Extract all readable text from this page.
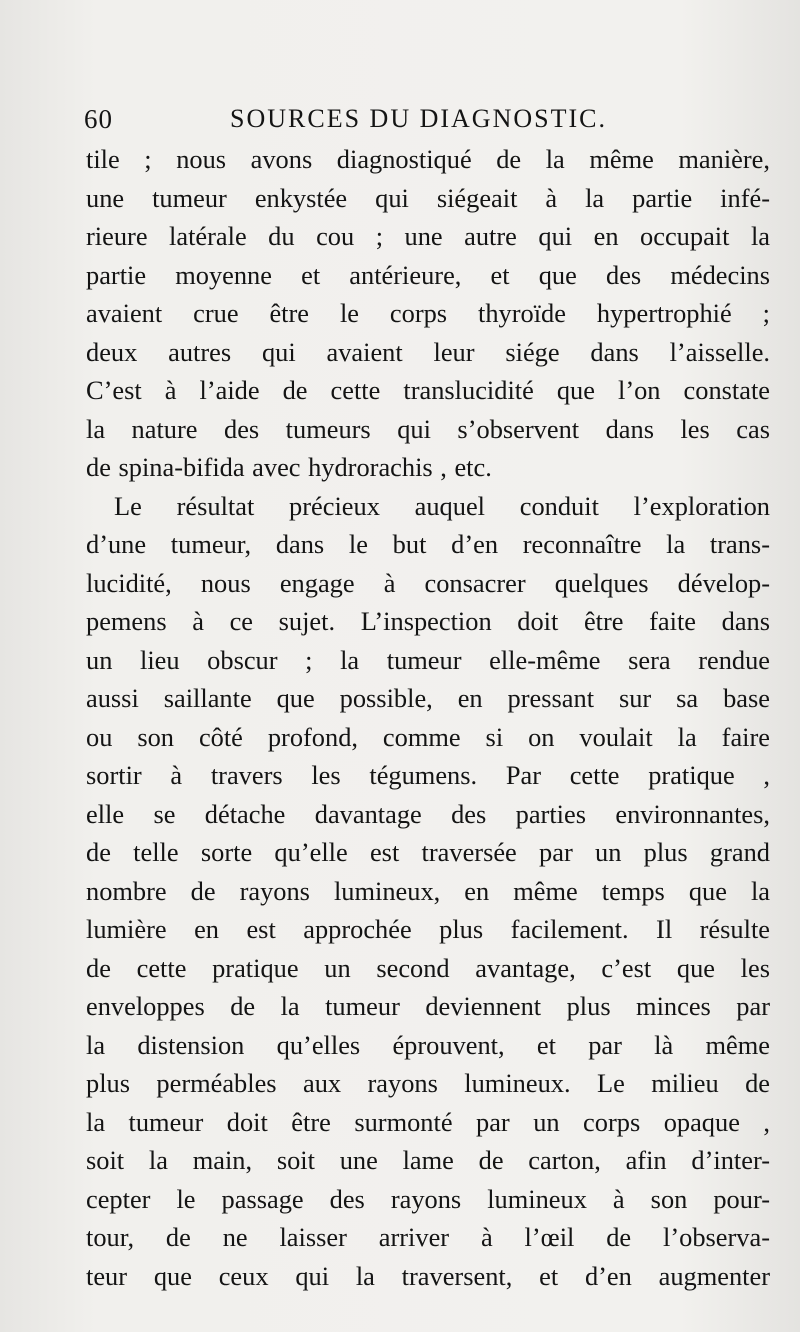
60	SOURCES DU DIAGNOSTIC.
tile ; nous avons diagnostiqué de la même manière,
une tumeur enkystée qui siégeait à la partie infé-
rieure latérale du cou ; une autre qui en occupait la
partie moyenne et antérieure, et que des médecins
avaient crue être le corps thyroïde hypertrophié ;
deux autres qui avaient leur siége dans l’aisselle.
C’est à l’aide de cette translucidité que l’on constate
la nature des tumeurs qui s’observent dans les cas
de spina-bifida avec hydrorachis , etc.
Le résultat précieux auquel conduit l’exploration
d’une tumeur, dans le but d’en reconnaître la trans-
lucidité, nous engage à consacrer quelques dévelop-
pemens à ce sujet. L’inspection doit être faite dans
un lieu obscur ; la tumeur elle-même sera rendue
aussi saillante que possible, en pressant sur sa base
ou son côté profond, comme si on voulait la faire
sortir à travers les tégumens. Par cette pratique ,
elle se détache davantage des parties environnantes,
de telle sorte qu’elle est traversée par un plus grand
nombre de rayons lumineux, en même temps que la
lumière en est approchée plus facilement. Il résulte
de cette pratique un second avantage, c’est que les
enveloppes de la tumeur deviennent plus minces par
la distension qu’elles éprouvent, et par là même
plus perméables aux rayons lumineux. Le milieu de
la tumeur doit être surmonté par un corps opaque ,
soit la main, soit une lame de carton, afin d’inter-
cepter le passage des rayons lumineux à son pour-
tour, de ne laisser arriver à l’œil de l’observa-
teur que ceux qui la traversent, et d’en augmenter
